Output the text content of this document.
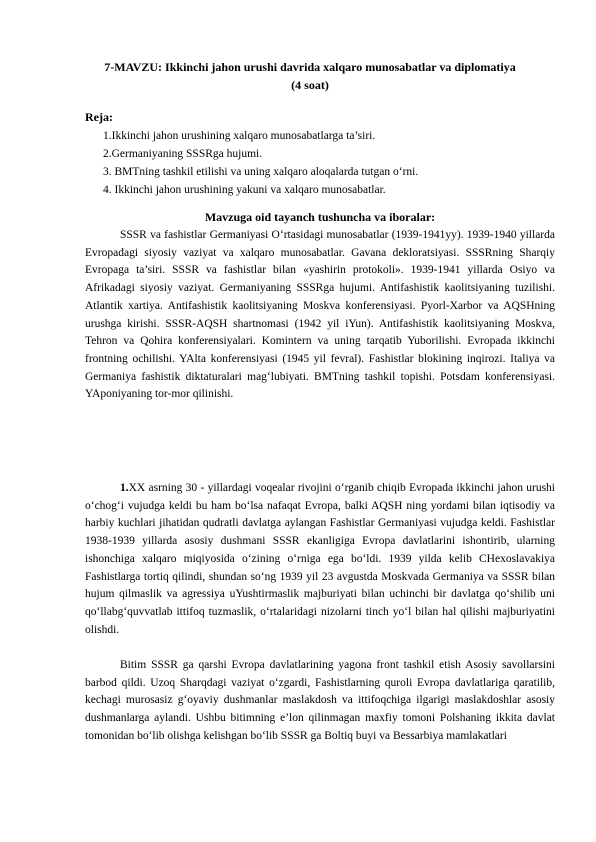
7-MAVZU: Ikkinchi jahon urushi davrida xalqaro munosabatlar va diplomatiya (4 soat)
Reja:
1.Ikkinchi jahon urushining xalqaro munosabatlarga ta’siri.
2.Germaniyaning SSSRga hujumi.
3. BMTning tashkil etilishi va uning xalqaro aloqalarda tutgan o‘rni.
4. Ikkinchi jahon urushining yakuni va xalqaro munosabatlar.
Mavzuga oid tayanch tushuncha va iboralar:

SSSR va fashistlar Germaniyasi O‘rtasidagi munosabatlar (1939-1941yy). 1939-1940 yillarda Evropadagi siyosiy vaziyat va xalqaro munosabatlar. Gavana dekloratsiyasi. SSSRning Sharqiy Evropaga ta’siri. SSSR va fashistlar bilan «yashirin protokoli». 1939-1941 yillarda Osiyo va Afrikadagi siyosiy vaziyat. Germaniyaning SSSRga hujumi. Antifashistik kaolitsiyaning tuzilishi. Atlantik xartiya. Antifashistik kaolitsiyaning Moskva konferensiyasi. Pyorl-Xarbor va AQSHning urushga kirishi. SSSR-AQSH shartnomasi (1942 yil iYun). Antifashistik kaolitsiyaning Moskva, Tehron va Qohira konferensiyalari. Komintern va uning tarqatib Yuborilishi. Evropada ikkinchi frontning ochilishi. YAlta konferensiyasi (1945 yil fevral). Fashistlar blokining inqirozi. Italiya va Germaniya fashistik diktaturalari mag‘lubiyati. BMTning tashkil topishi. Potsdam konferensiyasi. YAponiyaning tor-mor qilinishi.

1.XX asrning 30 - yillardagi voqealar rivojini o‘rganib chiqib Evropada ikkinchi jahon urushi o‘chog‘i vujudga keldi bu ham bo‘lsa nafaqat Evropa, balki AQSH ning yordami bilan iqtisodiy va harbiy kuchlari jihatidan qudratli davlatga aylangan Fashistlar Germaniyasi vujudga keldi. Fashistlar 1938-1939 yillarda asosiy dushmani SSSR ekanligiga Evropa davlatlarini ishontirib, ularning ishonchiga xalqaro miqiyosida o‘zining o‘rniga ega bo‘ldi. 1939 yilda kelib CHexoslavakiya Fashistlarga tortiq qilindi, shundan so‘ng 1939 yil 23 avgustda Moskvada Germaniya va SSSR bilan hujum qilmaslik va agressiya uYushtirmaslik majburiyati bilan uchinchi bir davlatga qo‘shilib uni qo‘llabg‘quvvatlab ittifoq tuzmaslik, o‘rtalaridagi nizolarni tinch yo‘l bilan hal qilishi majburiyatini olishdi.

Bitim SSSR ga qarshi Evropa davlatlarining yagona front tashkil etish Asosiy savollarsini barbod qildi. Uzoq Sharqdagi vaziyat o‘zgardi, Fashistlarning quroli Evropa davlatlariga qaratilib, kechagi murosasiz g‘oyaviy dushmanlar maslakdosh va ittifoqchiga ilgarigi maslakdoshlar asosiy dushmanlarga aylandi. Ushbu bitimning e’lon qilinmagan maxfiy tomoni Polshaning ikkita davlat tomonidan bo‘lib olishga kelishgan bo‘lib SSSR ga Boltiq buyi va Bessarbiya mamlakatlari
